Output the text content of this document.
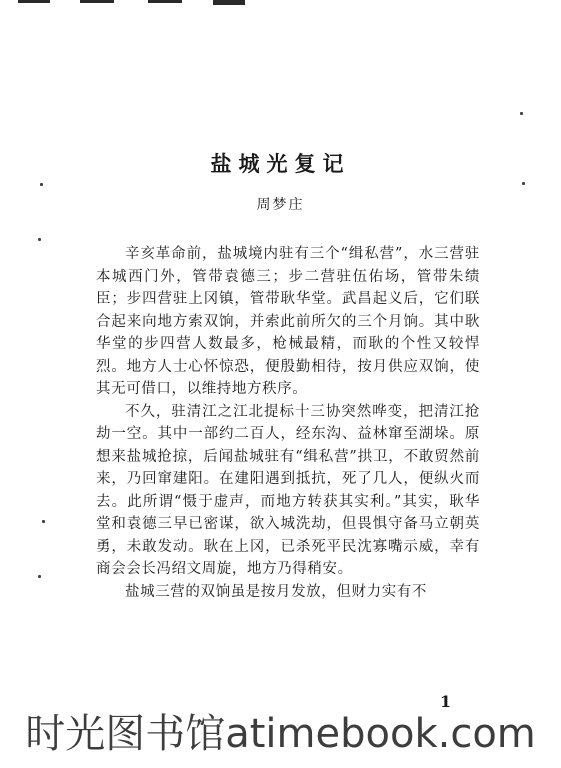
盐城光复记
周梦庄

辛亥革命前，盐城境内驻有三个“缉私营”，水三营驻本城西门外，管带袁德三；步二营驻伍佑场，管带朱绩臣；步四营驻上冈镇，管带耿华堂。武昌起义后，它们联合起来向地方索双饷，并索此前所欠的三个月饷。其中耿华堂的步四营人数最多，枪械最精，而耿的个性又较悍烈。地方人士心怀惊恐，便殷勤相待，按月供应双饷，使其无可借口，以维持地方秩序。

不久，驻清江之江北提标十三协突然哗变，把清江抢劫一空。其中一部约二百人，经东沟、益林窜至湖垛。原想来盐城抢掠，后闻盐城驻有“缉私营”拱卫，不敢贸然前来，乃回窜建阳。在建阳遇到抵抗，死了几人，便纵火而去。此所谓“慑于虚声，而地方转获其实利。”其实，耿华堂和袁德三早已密谋，欲入城洗劫，但畏惧守备马立朝英勇，未敢发动。耿在上冈，已杀死平民沈寡嘴示威，幸有商会会长冯绍文周旋，地方乃得稍安。

盐城三营的双饷虽是按月发放，但财力实有不

1
时光图书馆atimebook.com
